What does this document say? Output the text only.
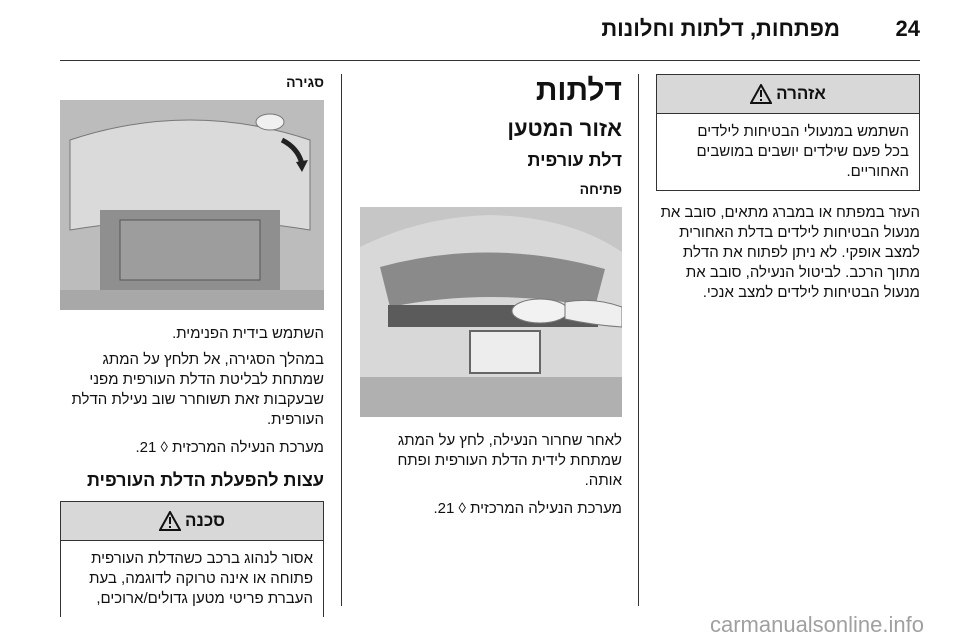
24
מפתחות, דלתות וחלונות
אזהרה
השתמש במנעולי הבטיחות לילדים
בכל פעם שילדים יושבים במושבים
האחוריים.

העזר במפתח או במברג מתאים, סובב את

מנעול הבטיחות לילדים בדלת האחורית

למצב אופקי. לא ניתן לפתוח את הדלת

מתוך הרכב. לביטול הנעילה, סובב את

מנעול הבטיחות לילדים למצב אנכי.

דלתות
אזור המטען
דלת עורפית
פתיחה

לאחר שחרור הנעילה, לחץ על המתג

שמתחת לידית הדלת העורפית ופתח

אותה.

מערכת הנעילה המרכזית ◊ 21.

סגירה

השתמש בידית הפנימית.

במהלך הסגירה, אל תלחץ על המתג

שמתחת לבליטת הדלת העורפית מפני

שבעקבות זאת תשוחרר שוב נעילת הדלת

העורפית.

מערכת הנעילה המרכזית ◊ 21.

עצות להפעלת הדלת העורפית
סכנה
אסור לנהוג ברכב כשהדלת העורפית
פתוחה או אינה טרוקה לדוגמה, בעת
העברת פריטי מטען גדולים/ארוכים,
carmanualsonline.info
